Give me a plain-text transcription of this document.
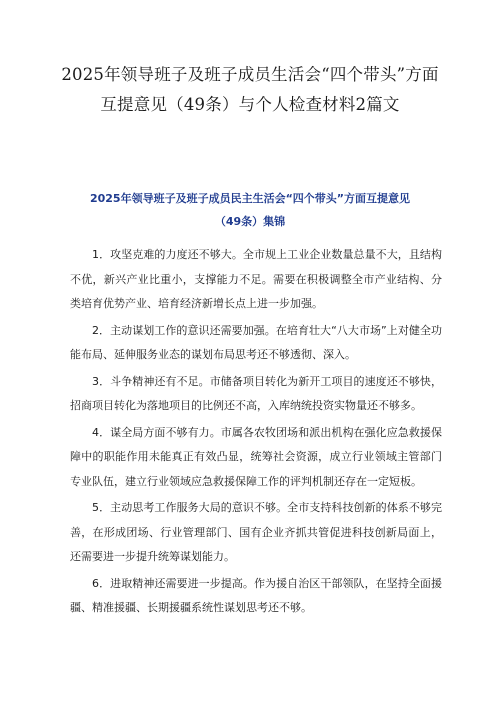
2025年领导班子及班子成员生活会“四个带头”方面
互提意见（49条）与个人检查材料2篇文
2025年领导班子及班子成员民主生活会“四个带头”方面互提意见
（49条）集锦

1．攻坚克难的力度还不够大。全市规上工业企业数量总量不大，且结构不优，新兴产业比重小，支撑能力不足。需要在积极调整全市产业结构、分类培育优势产业、培育经济新增长点上进一步加强。

2．主动谋划工作的意识还需要加强。在培育壮大“八大市场”上对健全功能布局、延伸服务业态的谋划布局思考还不够透彻、深入。

3．斗争精神还有不足。市储备项目转化为新开工项目的速度还不够快，招商项目转化为落地项目的比例还不高，入库纳统投资实物量还不够多。

4．谋全局方面不够有力。市属各农牧团场和派出机构在强化应急救援保障中的职能作用未能真正有效凸显，统筹社会资源，成立行业领域主管部门专业队伍，建立行业领域应急救援保障工作的评判机制还存在一定短板。

5．主动思考工作服务大局的意识不够。全市支持科技创新的体系不够完善，在形成团场、行业管理部门、国有企业齐抓共管促进科技创新局面上，还需要进一步提升统筹谋划能力。

6．进取精神还需要进一步提高。作为援自治区干部领队，在坚持全面援疆、精准援疆、长期援疆系统性谋划思考还不够。
